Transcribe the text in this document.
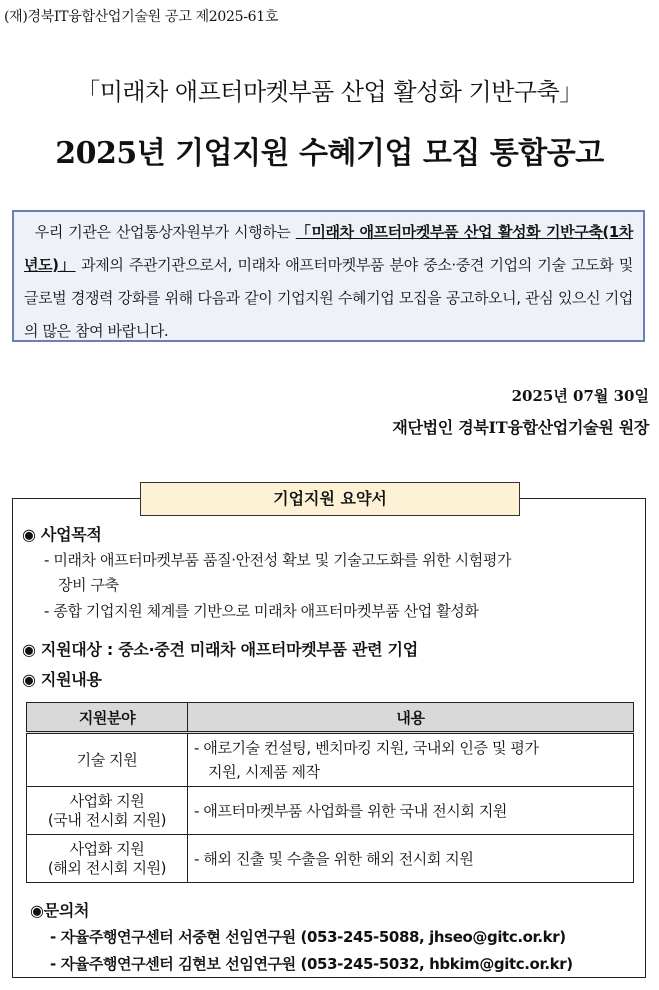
(재)경북IT융합산업기술원 공고 제2025-61호
「미래차 애프터마켓부품 산업 활성화 기반구축」
2025년 기업지원 수혜기업 모집 통합공고
우리 기관은 산업통상자원부가 시행하는 「미래차 애프터마켓부품 산업 활성화 기반구축(1차년도)」 과제의 주관기관으로서, 미래차 애프터마켓부품 분야 중소·중견 기업의 기술 고도화 및 글로벌 경쟁력 강화를 위해 다음과 같이 기업지원 수혜기업 모집을 공고하오니, 관심 있으신 기업의 많은 참여 바랍니다.
2025년 07월 30일
재단법인 경북IT융합산업기술원 원장
기업지원 요약서
◉ 사업목적
- 미래차 애프터마켓부품 품질·안전성 확보 및 기술고도화를 위한 시험평가
장비 구축
- 종합 기업지원 체계를 기반으로 미래차 애프터마켓부품 산업 활성화
◉ 지원대상 : 중소·중견 미래차 애프터마켓부품 관련 기업
◉ 지원내용
지원분야	내용
기술 지원	- 애로기술 컨설팅, 벤치마킹 지원, 국내외 인증 및 평가
지원, 시제품 제작

사업화 지원
(국내 전시회 지원)	- 애프터마켓부품 사업화를 위한 국내 전시회 지원

사업화 지원
(해외 전시회 지원)	- 해외 진출 및 수출을 위한 해외 전시회 지원
◉문의처
- 자율주행연구센터 서중현 선임연구원 (053-245-5088, jhseo@gitc.or.kr)
- 자율주행연구센터 김현보 선임연구원 (053-245-5032, hbkim@gitc.or.kr)
